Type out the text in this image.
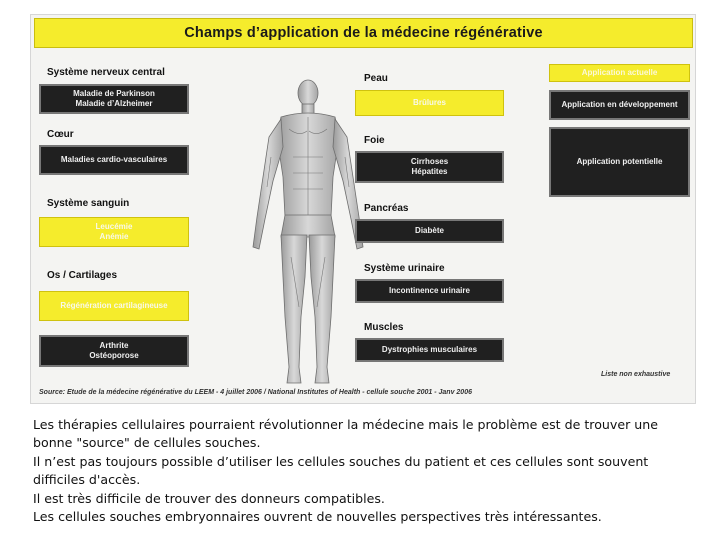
Champs d’application de la médecine régénérative
Système nerveux central
Maladie de Parkinson
Maladie d’Alzheimer
Cœur
Maladies cardio-vasculaires
Système sanguin
Leucémie
Anémie
Os / Cartilages
Régénération cartilagineuse
Arthrite
Ostéoporose
Peau
Brûlures
Foie
Cirrhoses
Hépatites
Pancréas
Diabète
Système urinaire
Incontinence urinaire
Muscles
Dystrophies musculaires
Application actuelle
Application en développement
Application potentielle
Liste non exhaustive
Source: Etude de la médecine régénérative du LEEM - 4 juillet 2006 / National Institutes of Health - cellule souche 2001 - Janv 2006

Les thérapies cellulaires pourraient révolutionner la médecine mais le problème est de trouver une

bonne "source" de cellules souches.

Il n’est pas toujours possible d’utiliser les cellules souches du patient et ces cellules sont souvent

difficiles d'accès.

Il est très difficile de trouver des donneurs compatibles.

Les cellules souches embryonnaires ouvrent de nouvelles perspectives très intéressantes.
